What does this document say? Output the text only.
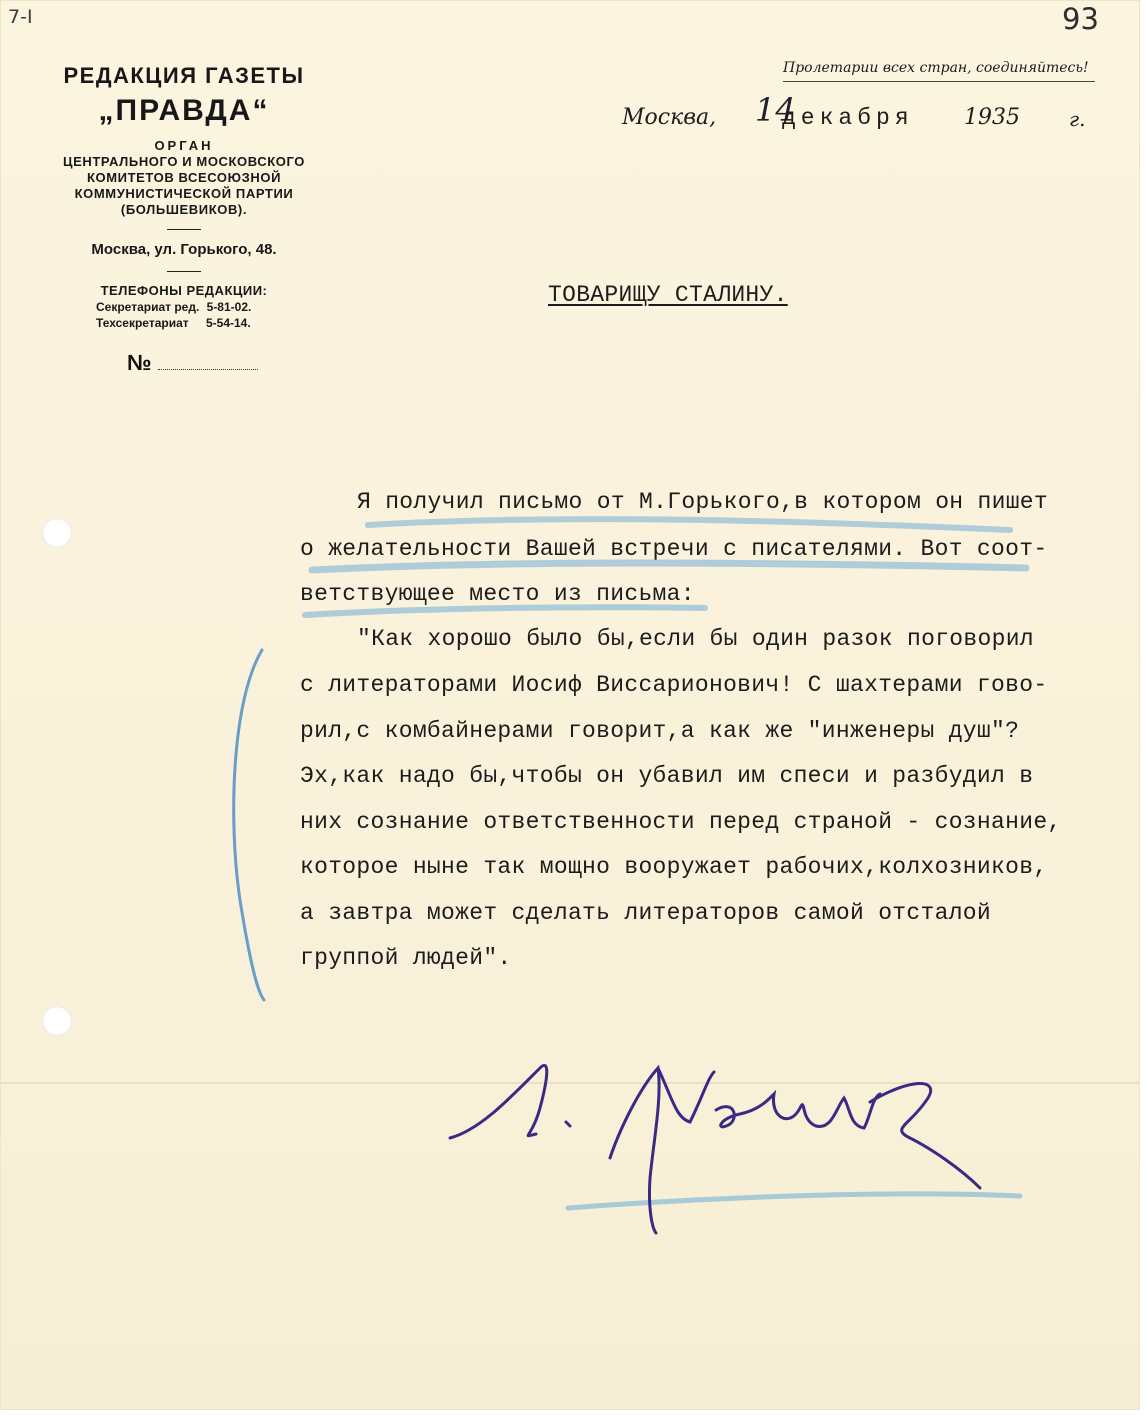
7-I	93
РЕДАКЦИЯ ГАЗЕТЫ
„ПРАВДА“
ОРГАН
ЦЕНТРАЛЬНОГО И МОСКОВСКОГО
КОМИТЕТОВ ВСЕСОЮЗНОЙ
КОММУНИСТИЧЕСКОЙ ПАРТИИ
(БОЛЬШЕВИКОВ).
Москва, ул. Горького, 48.
ТЕЛЕФОНЫ РЕДАКЦИИ:
Секретариат ред. 5-81-02.
Техсекретариат 5-54-14.
№
Пролетарии всех стран, соединяйтесь!
Москва, 14
декабря 1935 г.
ТОВАРИЩУ СТАЛИНУ.
Я получил письмо от М.Горького,в котором он пишет
о желательности Вашей встречи с писателями. Вот соот-
ветствующее место из письма:
"Как хорошо было бы,если бы один разок поговорил
с литераторами Иосиф Виссарионович! С шахтерами гово-
рил,с комбайнерами говорит,а как же "инженеры душ"?
Эх,как надо бы,чтобы он убавил им спеси и разбудил в
них сознание ответственности перед страной - сознание,
которое ныне так мощно вооружает рабочих,колхозников,
а завтра может сделать литераторов самой отсталой
группой людей".
